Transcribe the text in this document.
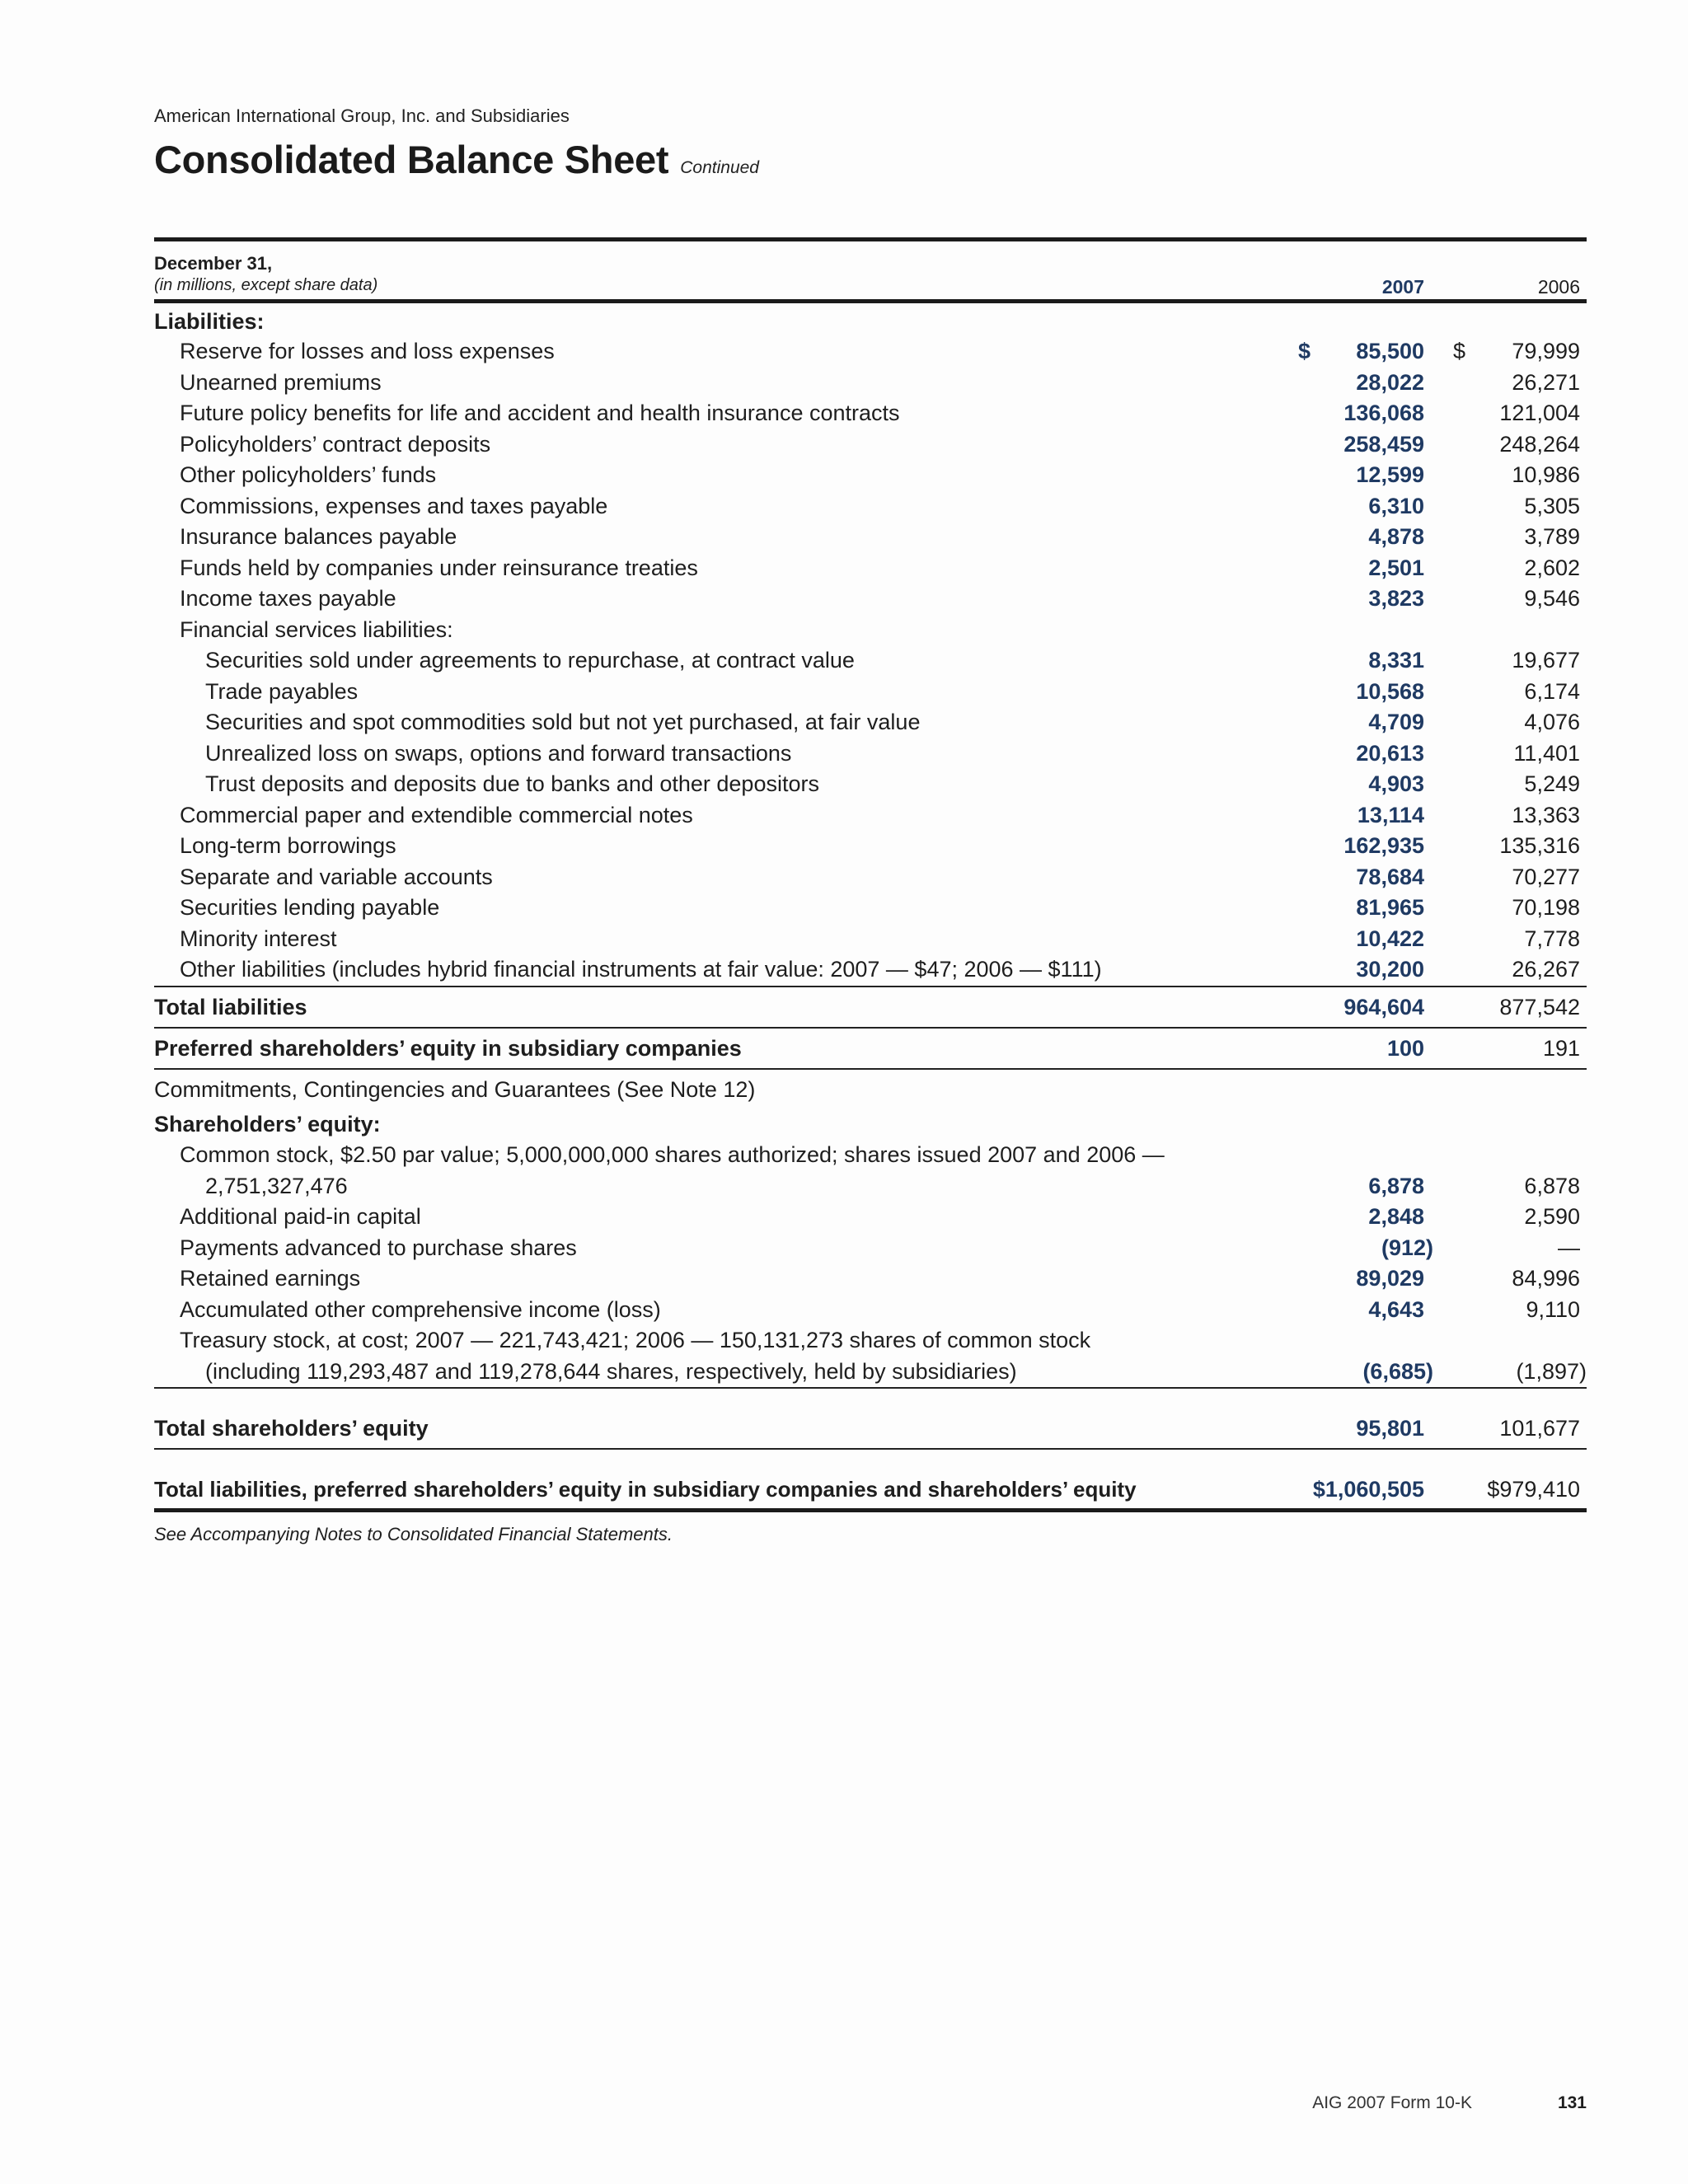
American International Group, Inc. and Subsidiaries
Consolidated Balance Sheet Continued
December 31,
(in millions, except share data)	2007	2006
Liabilities:
Reserve for losses and loss expenses	$ 85,500 $ 79,999
Unearned premiums	28,022	26,271
Future policy benefits for life and accident and health insurance contracts	136,068	121,004
Policyholders’ contract deposits	258,459	248,264
Other policyholders’ funds	12,599	10,986
Commissions, expenses and taxes payable	6,310	5,305
Insurance balances payable	4,878	3,789
Funds held by companies under reinsurance treaties	2,501	2,602
Income taxes payable	3,823	9,546
Financial services liabilities:
Securities sold under agreements to repurchase, at contract value	8,331	19,677
Trade payables	10,568	6,174
Securities and spot commodities sold but not yet purchased, at fair value	4,709	4,076
Unrealized loss on swaps, options and forward transactions	20,613	11,401
Trust deposits and deposits due to banks and other depositors	4,903	5,249
Commercial paper and extendible commercial notes	13,114	13,363
Long-term borrowings	162,935	135,316
Separate and variable accounts	78,684	70,277
Securities lending payable	81,965	70,198
Minority interest	10,422	7,778
Other liabilities (includes hybrid financial instruments at fair value: 2007 — $47; 2006 — $111)	30,200	26,267
Total liabilities	964,604	877,542
Preferred shareholders’ equity in subsidiary companies	100	191
Commitments, Contingencies and Guarantees (See Note 12)
Shareholders’ equity:
Common stock, $2.50 par value; 5,000,000,000 shares authorized; shares issued 2007 and 2006 —
2,751,327,476	6,878	6,878
Additional paid-in capital	2,848	2,590
Payments advanced to purchase shares	(912)	—
Retained earnings	89,029	84,996
Accumulated other comprehensive income (loss)	4,643	9,110
Treasury stock, at cost; 2007 — 221,743,421; 2006 — 150,131,273 shares of common stock
(including 119,293,487 and 119,278,644 shares, respectively, held by subsidiaries)	(6,685)	(1,897)
Total shareholders’ equity	95,801	101,677
Total liabilities, preferred shareholders’ equity in subsidiary companies and shareholders’ equity	$1,060,505	$979,410
See Accompanying Notes to Consolidated Financial Statements.
AIG 2007 Form 10-K	131
